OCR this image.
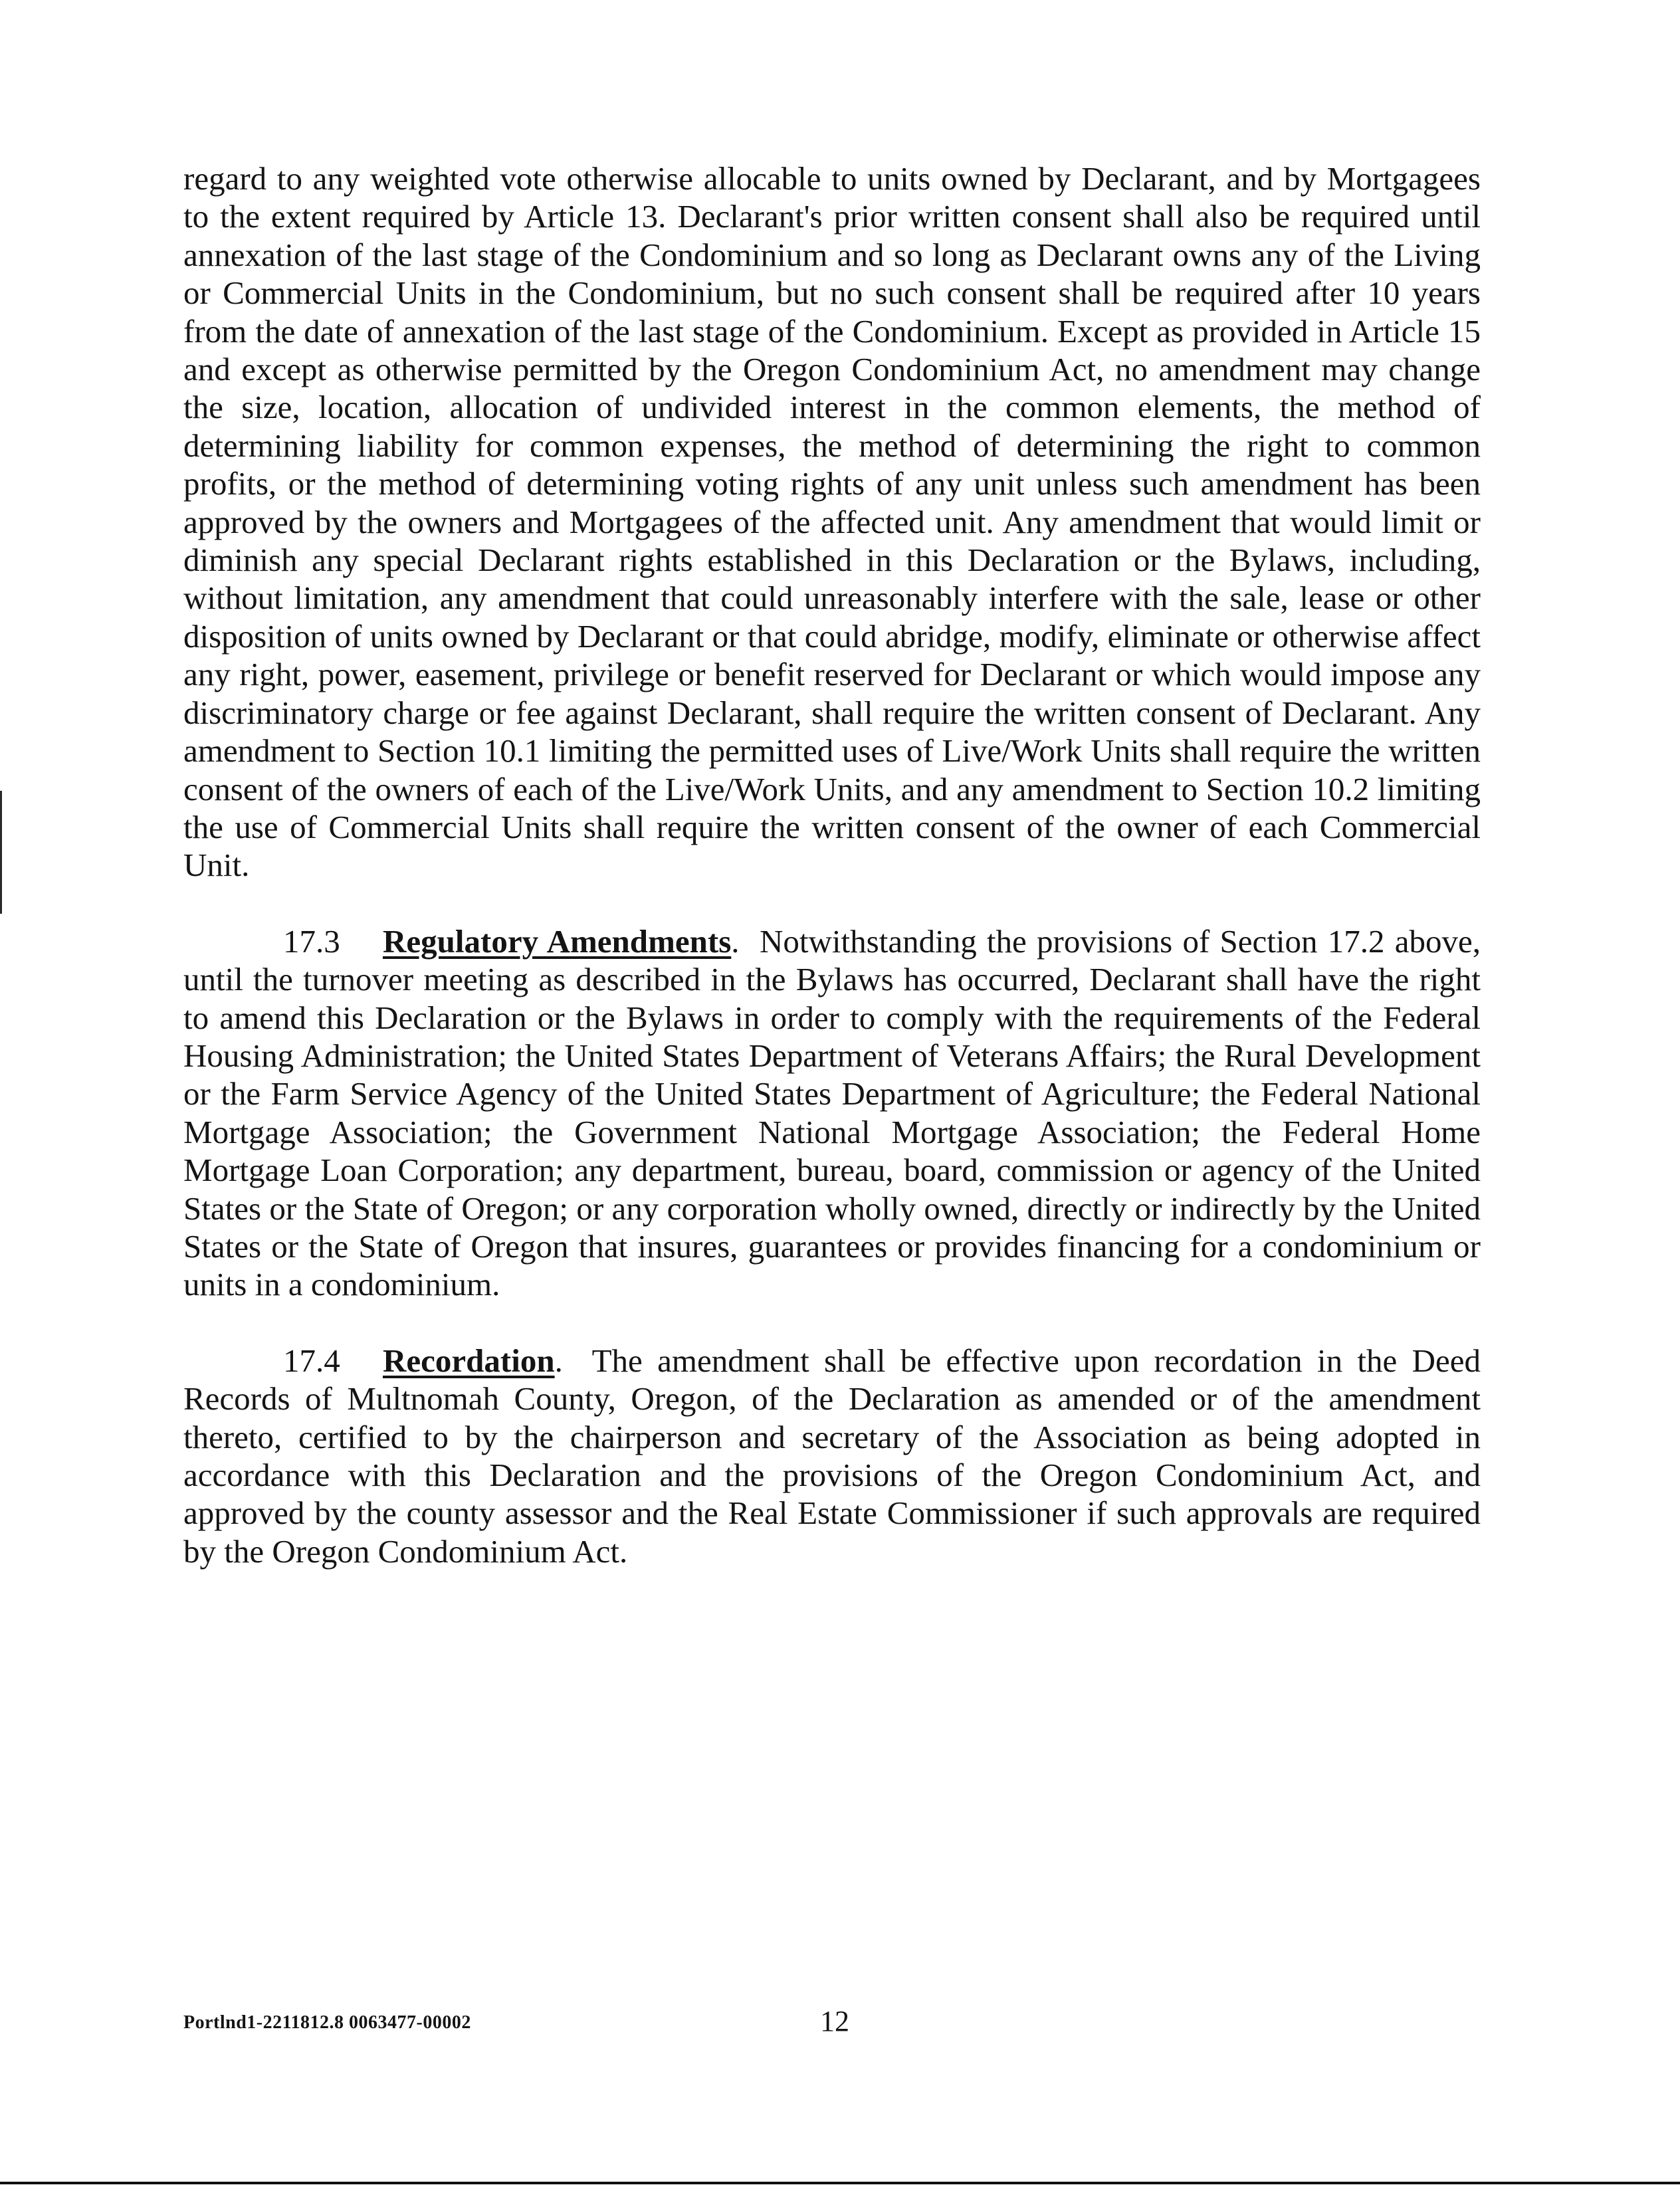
regard to any weighted vote otherwise allocable to units owned by Declarant, and by Mortgagees to the extent required by Article 13. Declarant's prior written consent shall also be required until annexation of the last stage of the Condominium and so long as Declarant owns any of the Living or Commercial Units in the Condominium, but no such consent shall be required after 10 years from the date of annexation of the last stage of the Condominium. Except as provided in Article 15 and except as otherwise permitted by the Oregon Condominium Act, no amendment may change the size, location, allocation of undivided interest in the common elements, the method of determining liability for common expenses, the method of determining the right to common profits, or the method of determining voting rights of any unit unless such amendment has been approved by the owners and Mortgagees of the affected unit. Any amendment that would limit or diminish any special Declarant rights established in this Declaration or the Bylaws, including, without limitation, any amendment that could unreasonably interfere with the sale, lease or other disposition of units owned by Declarant or that could abridge, modify, eliminate or otherwise affect any right, power, easement, privilege or benefit reserved for Declarant or which would impose any discriminatory charge or fee against Declarant, shall require the written consent of Declarant. Any amendment to Section 10.1 limiting the permitted uses of Live/Work Units shall require the written consent of the owners of each of the Live/Work Units, and any amendment to Section 10.2 limiting the use of Commercial Units shall require the written consent of the owner of each Commercial Unit.

17.3 Regulatory Amendments. Notwithstanding the provisions of Section 17.2 above, until the turnover meeting as described in the Bylaws has occurred, Declarant shall have the right to amend this Declaration or the Bylaws in order to comply with the requirements of the Federal Housing Administration; the United States Department of Veterans Affairs; the Rural Development or the Farm Service Agency of the United States Department of Agriculture; the Federal National Mortgage Association; the Government National Mortgage Association; the Federal Home Mortgage Loan Corporation; any department, bureau, board, commission or agency of the United States or the State of Oregon; or any corporation wholly owned, directly or indirectly by the United States or the State of Oregon that insures, guarantees or provides financing for a condominium or units in a condominium.

17.4 Recordation. The amendment shall be effective upon recordation in the Deed Records of Multnomah County, Oregon, of the Declaration as amended or of the amendment thereto, certified to by the chairperson and secretary of the Association as being adopted in accordance with this Declaration and the provisions of the Oregon Condominium Act, and approved by the county assessor and the Real Estate Commissioner if such approvals are required by the Oregon Condominium Act.

Portlnd1-2211812.8 0063477-00002	12
